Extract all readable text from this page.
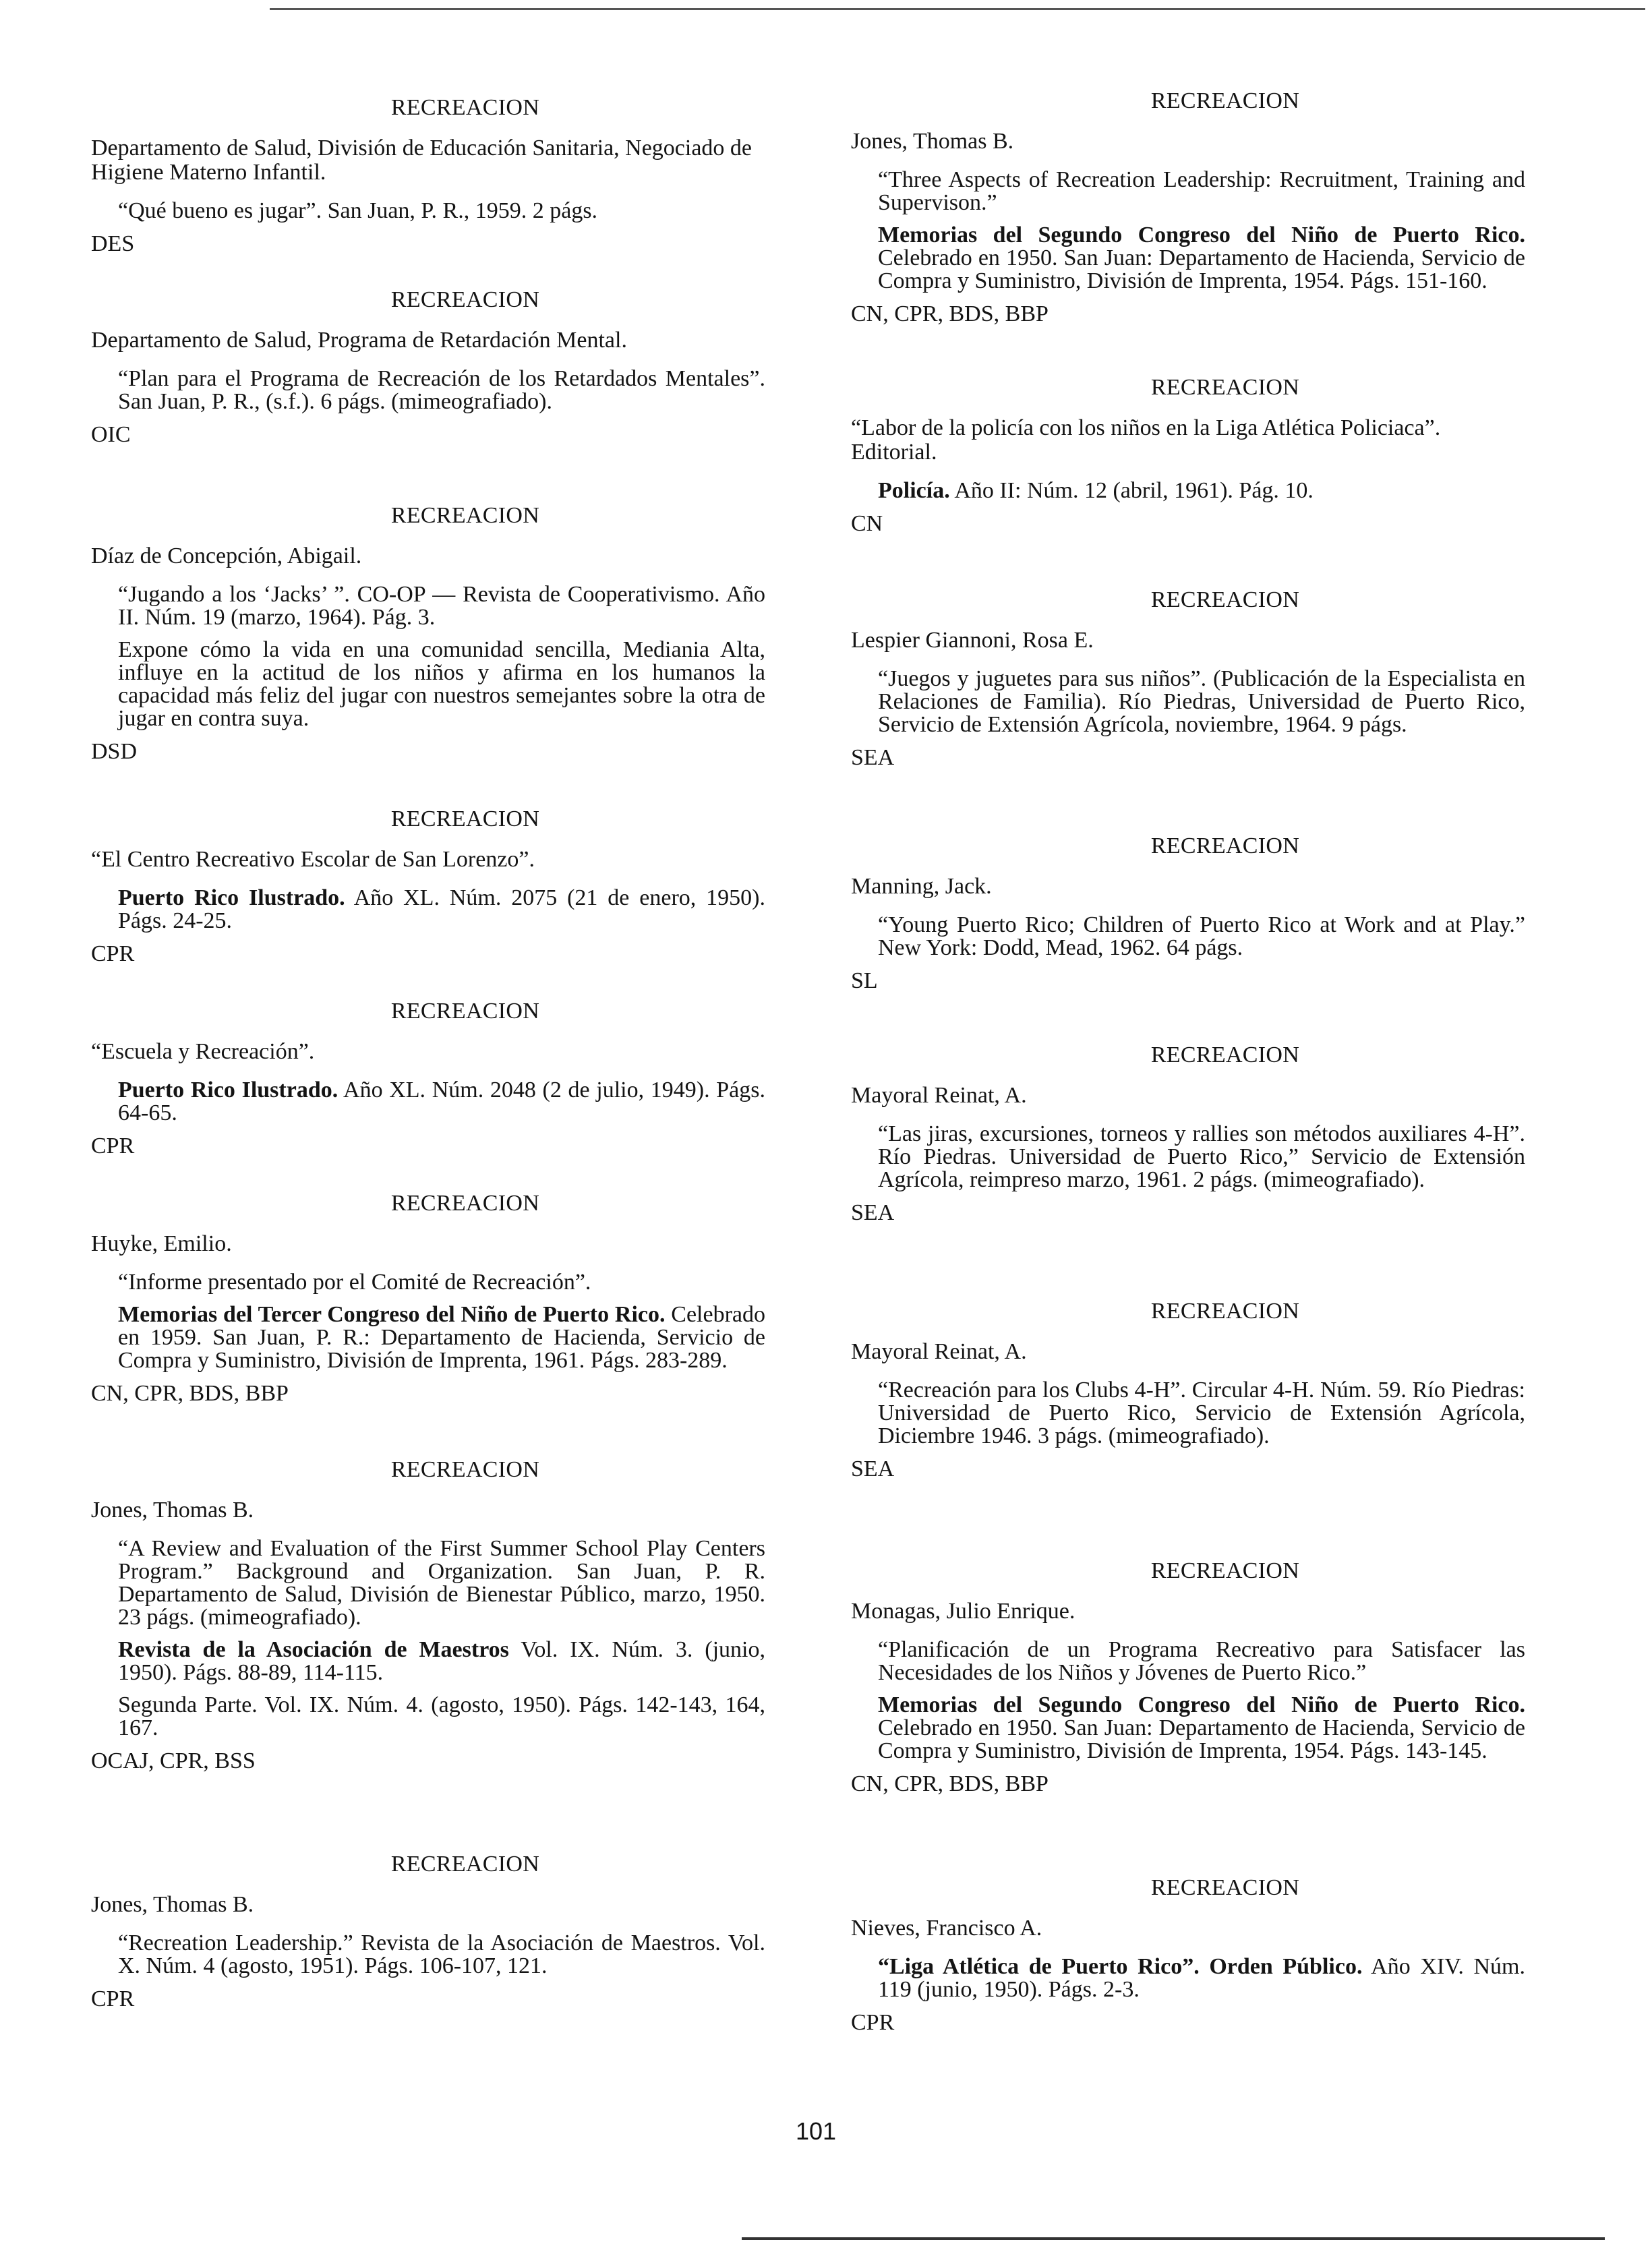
RECREACION
Departamento de Salud, División de Educación Sanitaria, Negociado de Higiene Materno Infantil.
“Qué bueno es jugar”. San Juan, P. R., 1959. 2 págs.
DES
RECREACION
Departamento de Salud, Programa de Retardación Mental.
“Plan para el Programa de Recreación de los Retardados Mentales”. San Juan, P. R., (s.f.). 6 págs. (mimeografiado).
OIC
RECREACION
Díaz de Concepción, Abigail.
“Jugando a los ‘Jacks’ ”. CO-OP — Revista de Cooperativismo. Año II. Núm. 19 (marzo, 1964). Pág. 3.
Expone cómo la vida en una comunidad sencilla, Mediania Alta, influye en la actitud de los niños y afirma en los humanos la capacidad más feliz del jugar con nuestros semejantes sobre la otra de jugar en contra suya.
DSD
RECREACION
“El Centro Recreativo Escolar de San Lorenzo”.
Puerto Rico Ilustrado. Año XL. Núm. 2075 (21 de enero, 1950). Págs. 24-25.
CPR
RECREACION
“Escuela y Recreación”.
Puerto Rico Ilustrado. Año XL. Núm. 2048 (2 de julio, 1949). Págs. 64-65.
CPR
RECREACION
Huyke, Emilio.
“Informe presentado por el Comité de Recreación”.
Memorias del Tercer Congreso del Niño de Puerto Rico. Celebrado en 1959. San Juan, P. R.: Departamento de Hacienda, Servicio de Compra y Suministro, División de Imprenta, 1961. Págs. 283-289.
CN, CPR, BDS, BBP
RECREACION
Jones, Thomas B.
“A Review and Evaluation of the First Summer School Play Centers Program.” Background and Organization. San Juan, P. R. Departamento de Salud, División de Bienestar Público, marzo, 1950. 23 págs. (mimeografiado).
Revista de la Asociación de Maestros Vol. IX. Núm. 3. (junio, 1950). Págs. 88-89, 114-115.
Segunda Parte. Vol. IX. Núm. 4. (agosto, 1950). Págs. 142-143, 164, 167.
OCAJ, CPR, BSS
RECREACION
Jones, Thomas B.
“Recreation Leadership.” Revista de la Asociación de Maestros. Vol. X. Núm. 4 (agosto, 1951). Págs. 106-107, 121.
CPR
RECREACION
Jones, Thomas B.
“Three Aspects of Recreation Leadership: Recruitment, Training and Supervison.”
Memorias del Segundo Congreso del Niño de Puerto Rico. Celebrado en 1950. San Juan: Departamento de Hacienda, Servicio de Compra y Suministro, División de Imprenta, 1954. Págs. 151-160.
CN, CPR, BDS, BBP
RECREACION
“Labor de la policía con los niños en la Liga Atlética Policiaca”. Editorial.
Policía. Año II: Núm. 12 (abril, 1961). Pág. 10.
CN
RECREACION
Lespier Giannoni, Rosa E.
“Juegos y juguetes para sus niños”. (Publicación de la Especialista en Relaciones de Familia). Río Piedras, Universidad de Puerto Rico, Servicio de Extensión Agrícola, noviembre, 1964. 9 págs.
SEA
RECREACION
Manning, Jack.
“Young Puerto Rico; Children of Puerto Rico at Work and at Play.” New York: Dodd, Mead, 1962. 64 págs.
SL
RECREACION
Mayoral Reinat, A.
“Las jiras, excursiones, torneos y rallies son métodos auxiliares 4-H”. Río Piedras. Universidad de Puerto Rico,” Servicio de Extensión Agrícola, reimpreso marzo, 1961. 2 págs. (mimeografiado).
SEA
RECREACION
Mayoral Reinat, A.
“Recreación para los Clubs 4-H”. Circular 4-H. Núm. 59. Río Piedras: Universidad de Puerto Rico, Servicio de Extensión Agrícola, Diciembre 1946. 3 págs. (mimeografiado).
SEA
RECREACION
Monagas, Julio Enrique.
“Planificación de un Programa Recreativo para Satisfacer las Necesidades de los Niños y Jóvenes de Puerto Rico.”
Memorias del Segundo Congreso del Niño de Puerto Rico. Celebrado en 1950. San Juan: Departamento de Hacienda, Servicio de Compra y Suministro, División de Imprenta, 1954. Págs. 143-145.
CN, CPR, BDS, BBP
RECREACION
Nieves, Francisco A.
“Liga Atlética de Puerto Rico”. Orden Público. Año XIV. Núm. 119 (junio, 1950). Págs. 2-3.
CPR
101
